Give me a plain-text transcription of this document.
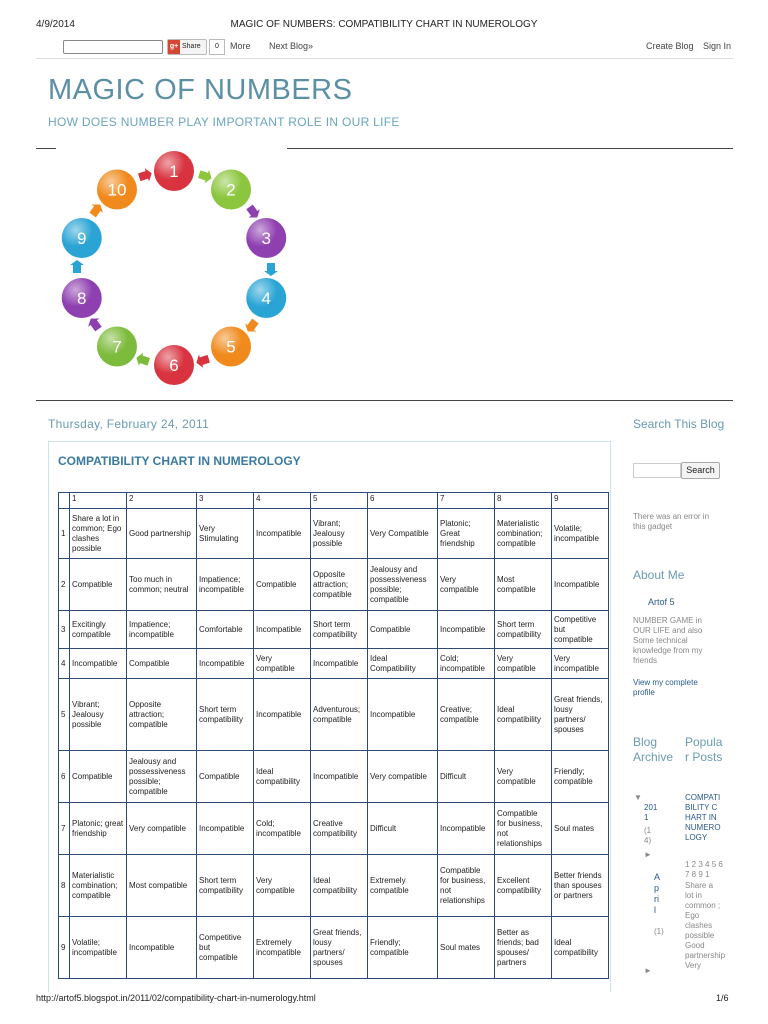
4/9/2014	MAGIC OF NUMBERS: COMPATIBILITY CHART IN NUMEROLOGY
g+ Share	0	More Next Blog»	Create Blog Sign In
MAGIC OF NUMBERS
HOW DOES NUMBER PLAY IMPORTANT ROLE IN OUR LIFE
1
2
3
4
5
6
7
8
9
10
Thursday, February 24, 2011
COMPATIBILITY CHART IN NUMEROLOGY
	1	2	3	4	5	6	7	8	9
1	Share a lot in common; Ego clashes possible	Good partnership	Very Stimulating	Incompatible	Vibrant; Jealousy possible	Very Compatible	Platonic; Great friendship	Materialistic combination; compatible	Volatile; incompatible
2	Compatible	Too much in common; neutral	Impatience; incompatible	Compatible	Opposite attraction; compatible	Jealousy and possessiveness possible; compatible	Very compatible	Most compatible	Incompatible
3	Excitingly compatible	Impatience; incompatible	Comfortable	Incompatible	Short term compatibility	Compatible	Incompatible	Short term compatibility	Competitive but compatible
4	Incompatible	Compatible	Incompatible	Very compatible	Incompatible	Ideal Compatibility	Cold; incompatible	Very compatible	Very incompatible
5	Vibrant; Jealousy possible	Opposite attraction; compatible	Short term compatibility	Incompatible	Adventurous; compatible	Incompatible	Creative; compatible	Ideal compatibility	Great friends, lousy partners/ spouses
6	Compatible	Jealousy and possessiveness possible; compatible	Compatible	Ideal compatibility	Incompatible	Very compatible	Difficult	Very compatible	Friendly; compatible
7	Platonic; great friendship	Very compatible	Incompatible	Cold; incompatible	Creative compatibility	Difficult	Incompatible	Compatible for business, not relationships	Soul mates
8	Materialistic combination; compatible	Most compatible	Short term compatibility	Very compatible	Ideal compatibility	Extremely compatible	Compatible for business, not relationships	Excellent compatibility	Better friends than spouses or partners
9	Volatile; incompatible	Incompatible	Competitive but compatible	Extremely incompatible	Great friends, lousy partners/ spouses	Friendly; compatible	Soul mates	Better as friends; bad spouses/ partners	Ideal compatibility
Search This Blog
Search
There was an error in this gadget
About Me
Artof 5
NUMBER GAME in OUR LIFE and also Some technical knowledge from my friends
View my complete profile
Blog Archive
▼
2011
(14)
►
April
(1)
►
Popular Posts
COMPATIBILITY CHART IN NUMEROLOGY
1 2 3 4 5 6 7 8 9 1
Share a lot in common ; Ego clashes possible Good partnership Very
http://artof5.blogspot.in/2011/02/compatibility-chart-in-numerology.html	1/6
